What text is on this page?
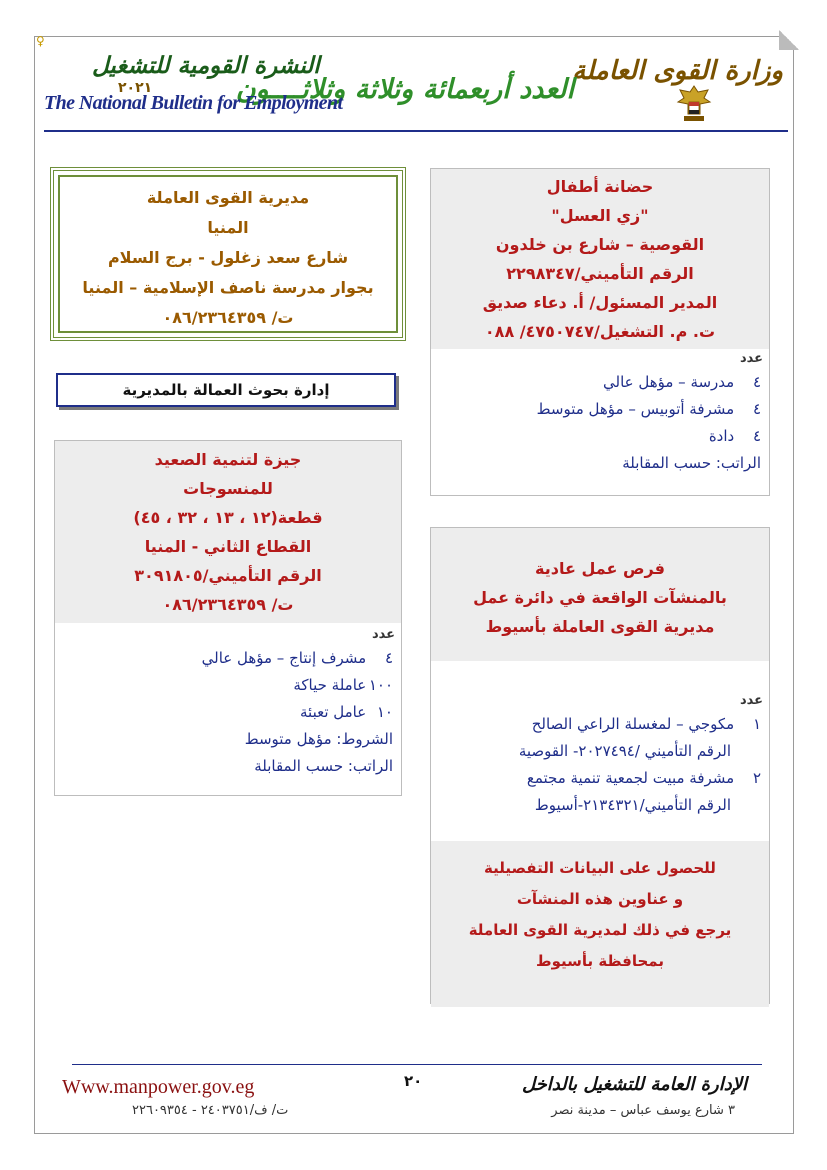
♀
وزارة القوى العاملة
العدد أربعمائة وثلاثة وثلاثــــون
النشرة القومية للتشغيل
٢٠٢١
The National Bulletin for Employment
مديرية القوى العاملة
المنيا
شارع سعد زغلول - برج السلام
بجوار مدرسة ناصف الإسلامية – المنيا
ت/ ٠٨٦/٢٣٦٤٣٥٩
إدارة بحوث العمالة بالمديرية
جيزة لتنمية الصعيد
للمنسوجات
قطعة(١٢ ، ١٣ ، ٣٢ ، ٤٥)
القطاع الثاني - المنيا
الرقم التأميني/٣٠٩١٨٠٥
ت/ ٠٨٦/٢٣٦٤٣٥٩
عدد
٤ مشرف إنتاج – مؤهل عالي
١٠٠ عاملة حياكة
١٠ عامل تعبئة
الشروط: مؤهل متوسط
الراتب: حسب المقابلة
حضانة أطفال
"زي العسل"
القوصية – شارع بن خلدون
الرقم التأميني/٢٢٩٨٣٤٧
المدير المسئول/ أ. دعاء صديق
ت. م. التشغيل/٤٧٥٠٧٤٧/ ٠٨٨
عدد
٤ مدرسة – مؤهل عالي
٤ مشرفة أتوبيس – مؤهل متوسط
٤ دادة
الراتب: حسب المقابلة
فرص عمل عادية
بالمنشآت الواقعة في دائرة عمل
مديرية القوى العاملة بأسيوط
عدد
١ مكوجي – لمغسلة الراعي الصالح
الرقم التأميني /٢٠٢٧٤٩٤- القوصية
٢ مشرفة مبيت لجمعية تنمية مجتمع
الرقم التأميني/٢١٣٤٣٢١-أسيوط
للحصول على البيانات التفصيلية
و عناوين هذه المنشآت
يرجع في ذلك لمديرية القوى العاملة
بمحافظة بأسيوط
٢٠
Www.manpower.gov.eg	الإدارة العامة للتشغيل بالداخل
٣ شارع يوسف عباس – مدينة نصر
ت/ ف/٢٤٠٣٧٥١ - ٢٢٦٠٩٣٥٤
